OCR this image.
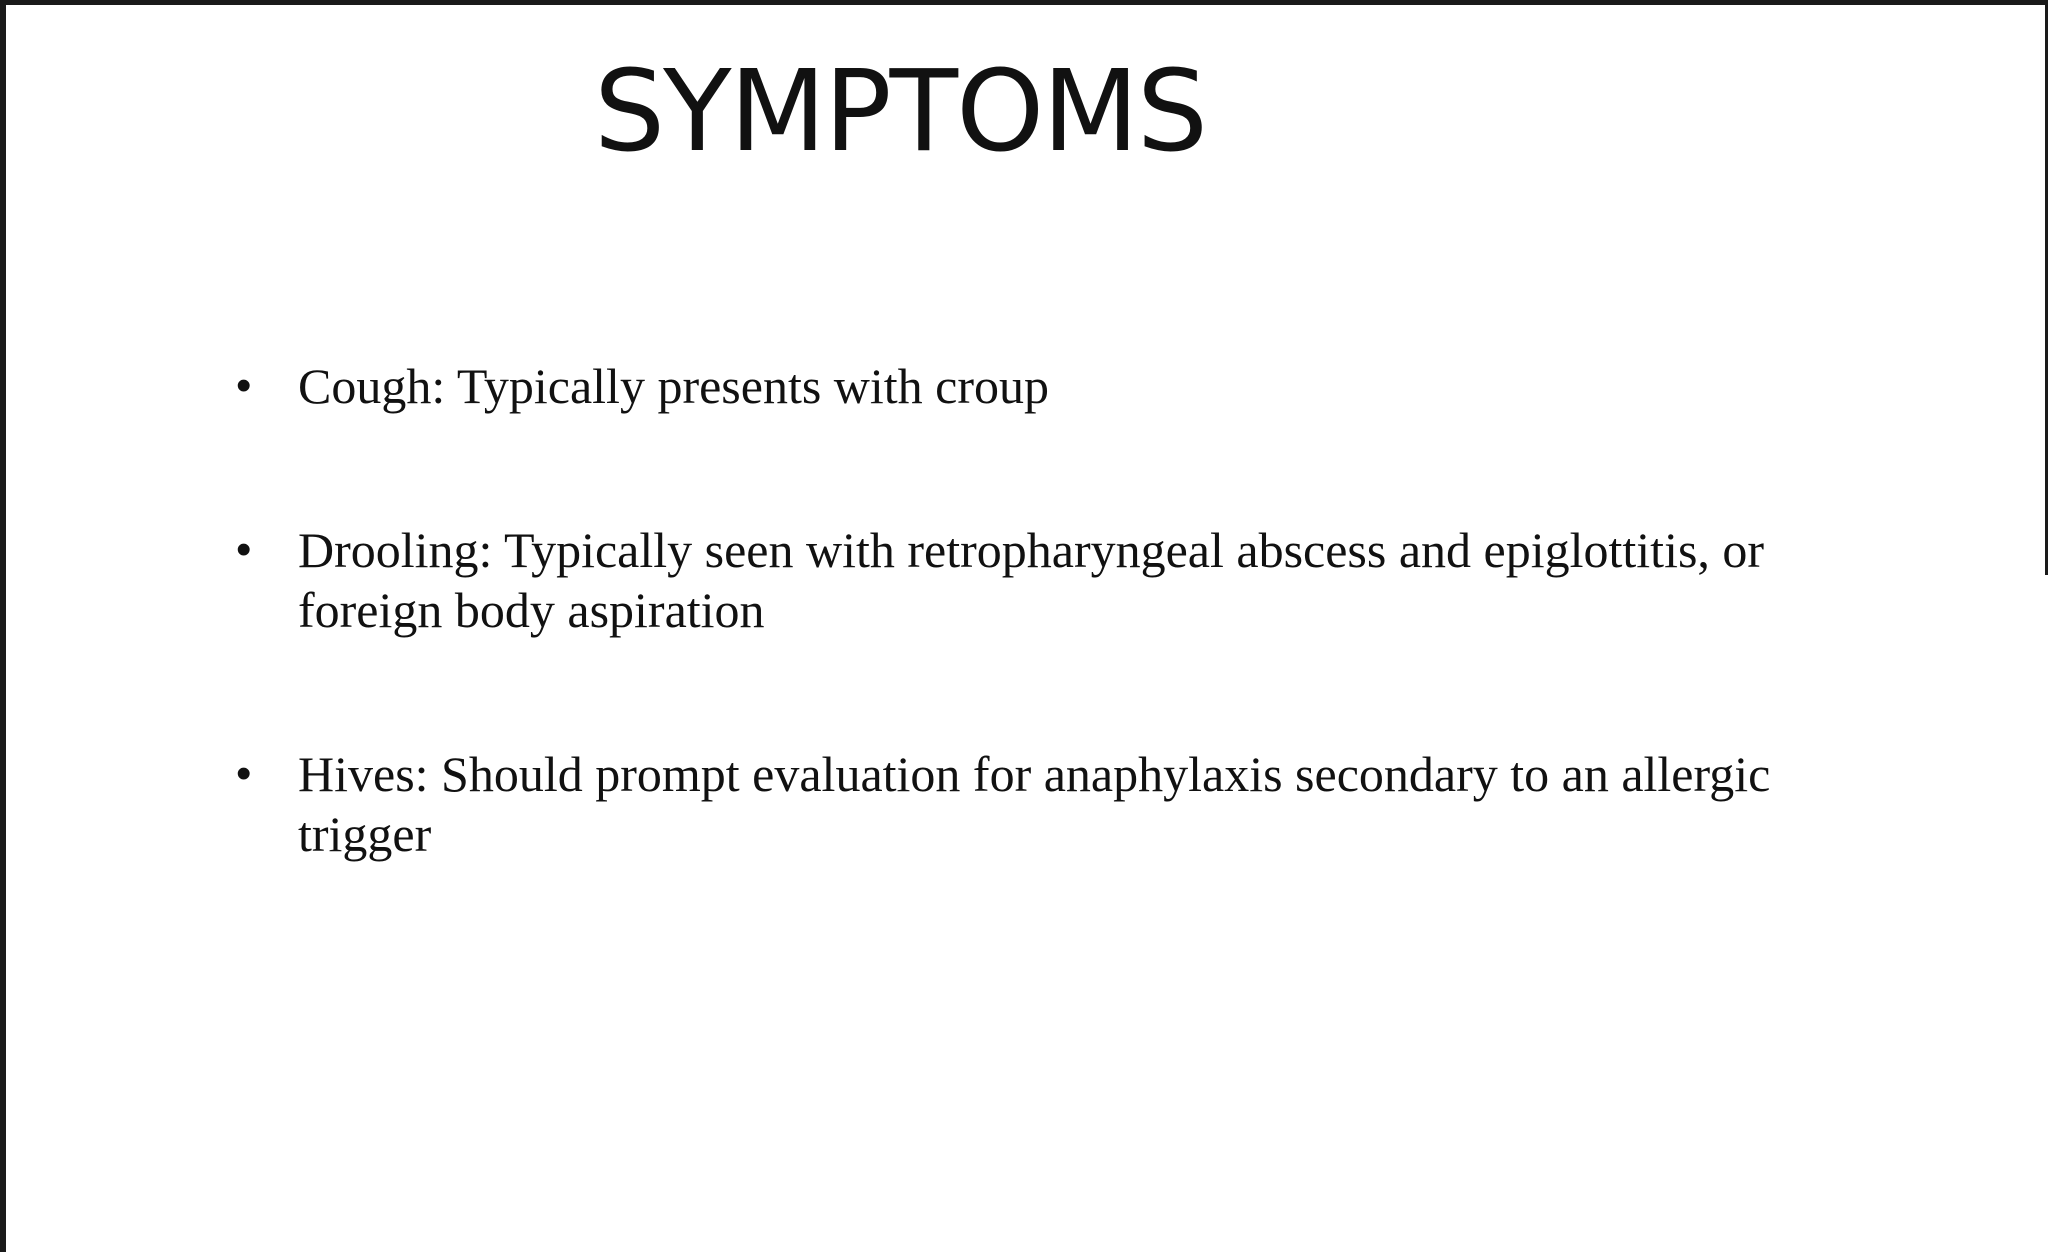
SYMPTOMS
• Cough: Typically presents with croup
• Drooling: Typically seen with retropharyngeal abscess and epiglottitis, or foreign body aspiration
• Hives: Should prompt evaluation for anaphylaxis secondary to an allergic trigger
